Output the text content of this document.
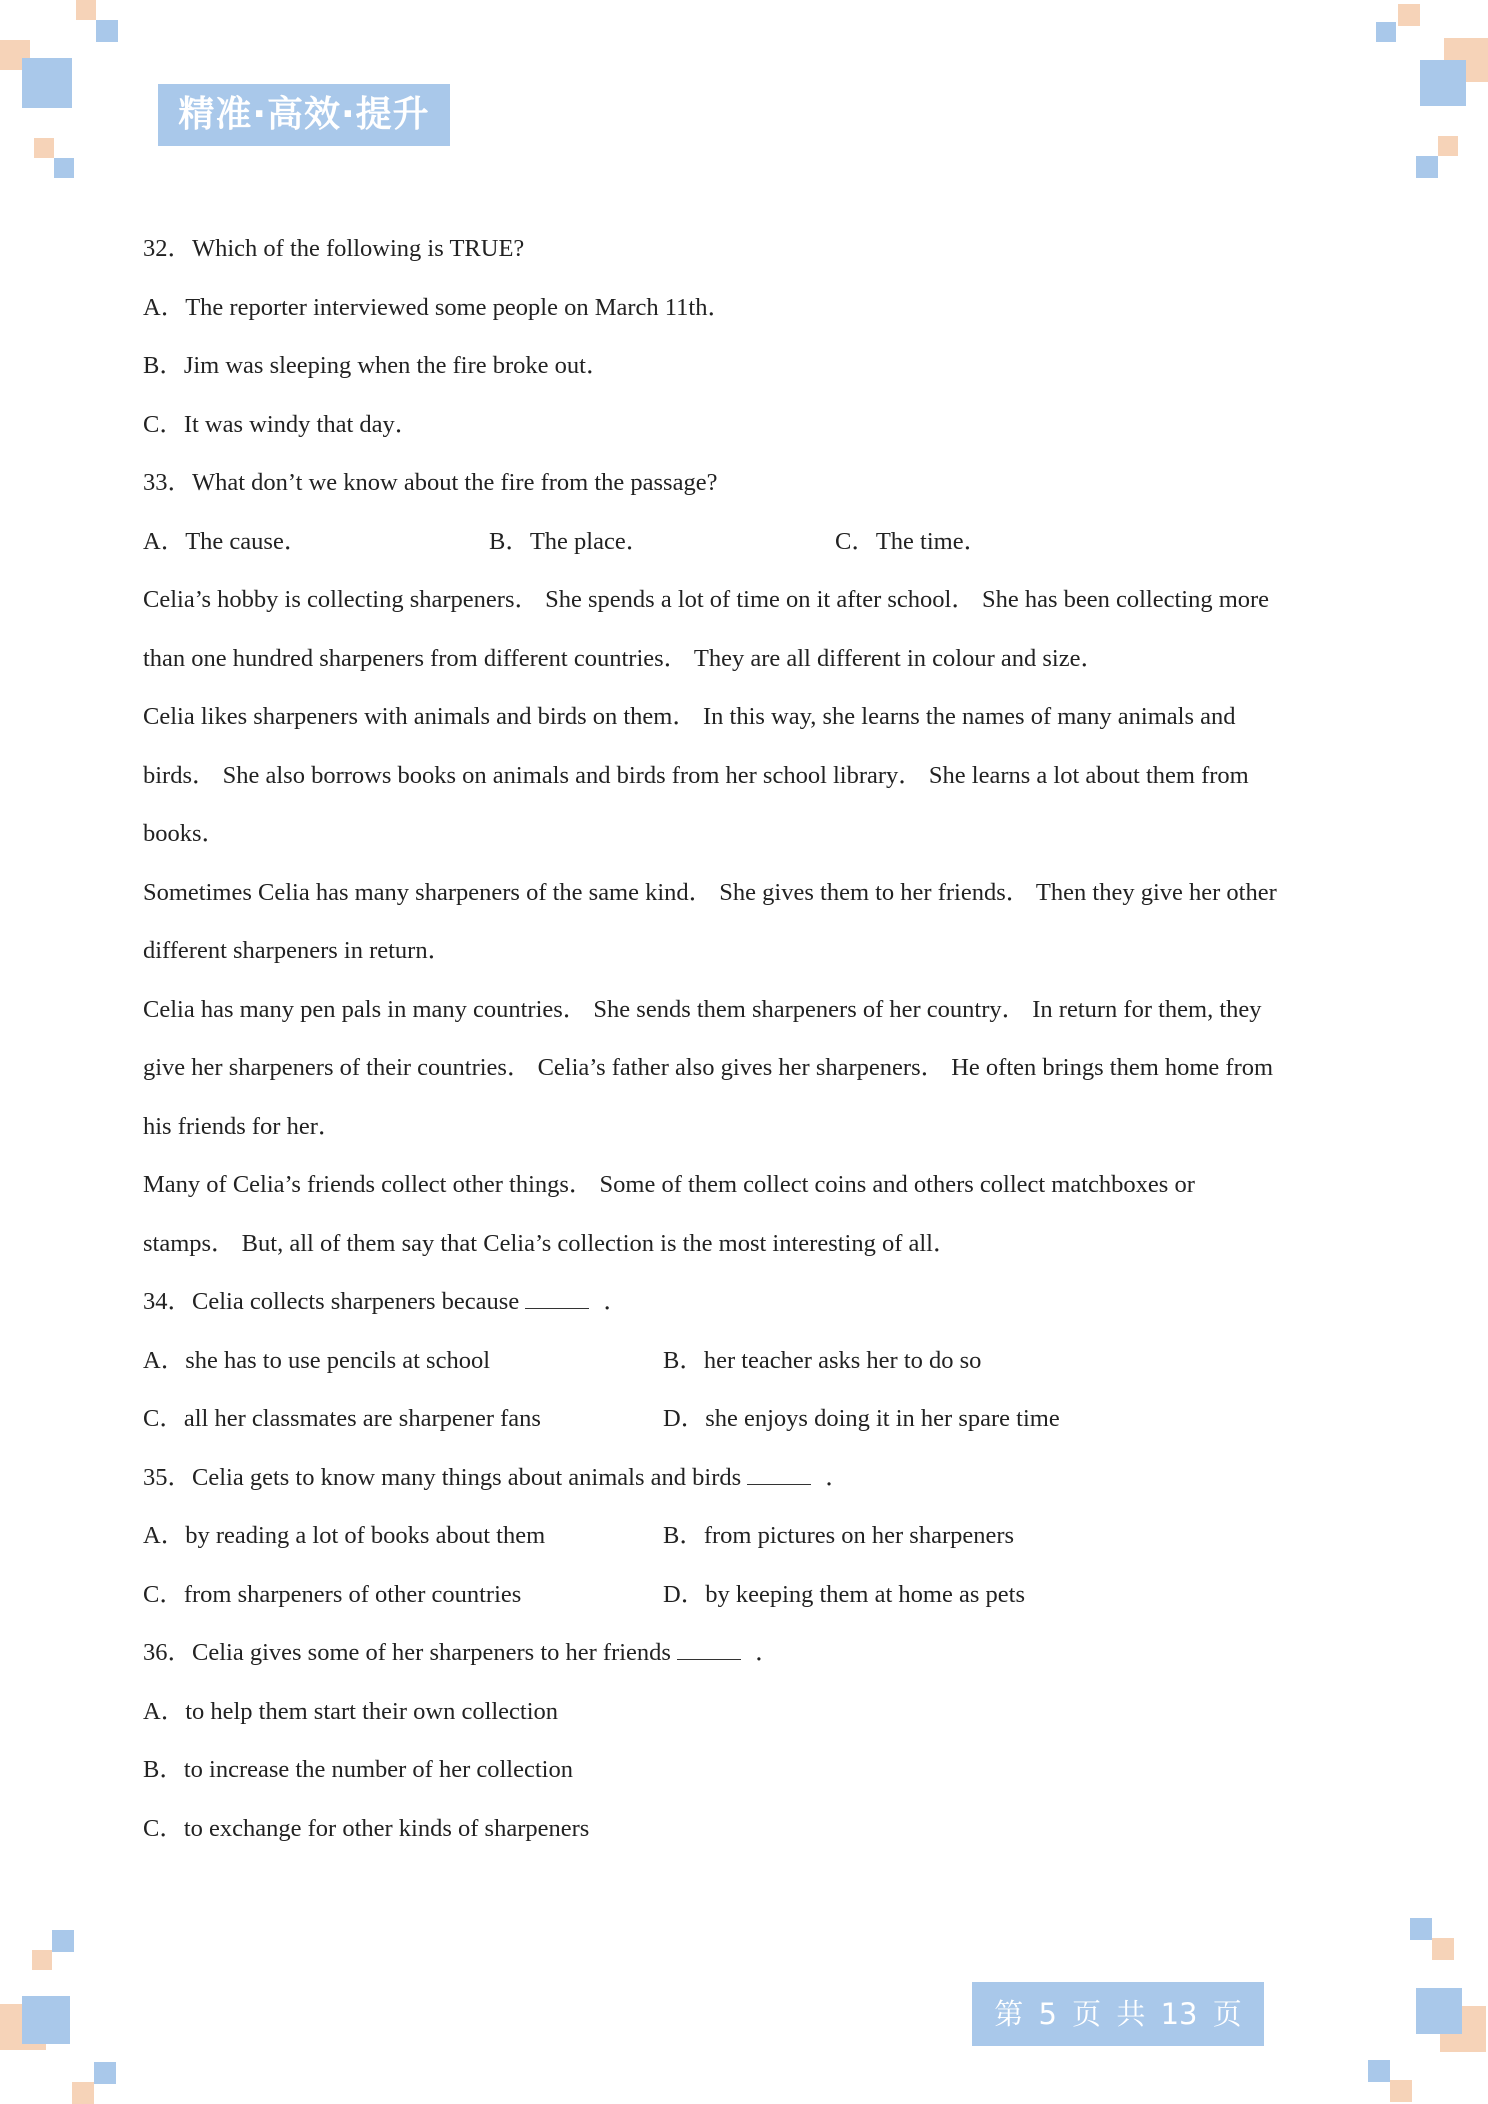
精准·高效·提升
32．Which of the following is TRUE?
A．The reporter interviewed some people on March 11th．
B．Jim was sleeping when the fire broke out．
C．It was windy that day．
33．What don’t we know about the fire from the passage?
A．The cause．	B．The place．	C．The time．
Celia’s hobby is collecting sharpeners． She spends a lot of time on it after school． She has been collecting more
than one hundred sharpeners from different countries． They are all different in colour and size．
Celia likes sharpeners with animals and birds on them． In this way, she learns the names of many animals and
birds． She also borrows books on animals and birds from her school library． She learns a lot about them from
books．
Sometimes Celia has many sharpeners of the same kind． She gives them to her friends． Then they give her other
different sharpeners in return．
Celia has many pen pals in many countries． She sends them sharpeners of her country． In return for them, they
give her sharpeners of their countries． Celia’s father also gives her sharpeners． He often brings them home from
his friends for her．
Many of Celia’s friends collect other things． Some of them collect coins and others collect matchboxes or
stamps． But, all of them say that Celia’s collection is the most interesting of all．
34．Celia collects sharpeners because	．
A．she has to use pencils at school	B．her teacher asks her to do so
C．all her classmates are sharpener fans	D．she enjoys doing it in her spare time
35．Celia gets to know many things about animals and birds	．
A．by reading a lot of books about them	B．from pictures on her sharpeners
C．from sharpeners of other countries	D．by keeping them at home as pets
36．Celia gives some of her sharpeners to her friends	．
A．to help them start their own collection
B．to increase the number of her collection
C．to exchange for other kinds of sharpeners
第 5 页 共 13 页
